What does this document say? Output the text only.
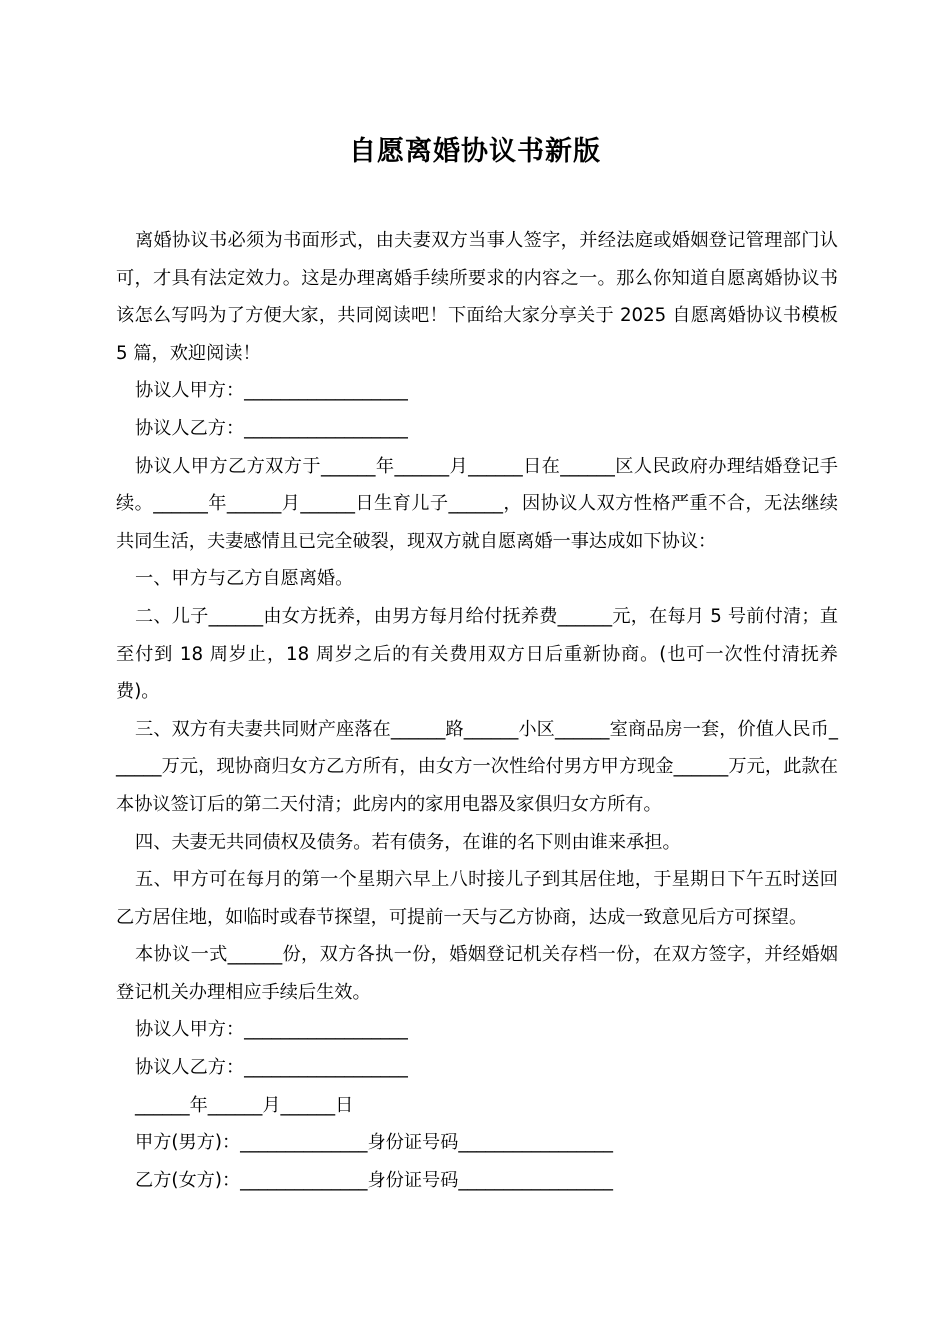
自愿离婚协议书新版

离婚协议书必须为书面形式，由夫妻双方当事人签字，并经法庭或婚姻登记管理部门认可，才具有法定效力。这是办理离婚手续所要求的内容之一。那么你知道自愿离婚协议书该怎么写吗为了方便大家，共同阅读吧！下面给大家分享关于 2025 自愿离婚协议书模板 5 篇，欢迎阅读！

协议人甲方：__________________

协议人乙方：__________________

协议人甲方乙方双方于______年______月______日在______区人民政府办理结婚登记手续。______年______月______日生育儿子______，因协议人双方性格严重不合，无法继续共同生活，夫妻感情且已完全破裂，现双方就自愿离婚一事达成如下协议：

一、甲方与乙方自愿离婚。

二、儿子______由女方抚养，由男方每月给付抚养费______元，在每月 5 号前付清；直至付到 18 周岁止，18 周岁之后的有关费用双方日后重新协商。(也可一次性付清抚养费)。

三、双方有夫妻共同财产座落在______路______小区______室商品房一套，价值人民币______万元，现协商归女方乙方所有，由女方一次性给付男方甲方现金______万元，此款在本协议签订后的第二天付清；此房内的家用电器及家俱归女方所有。

四、夫妻无共同债权及债务。若有债务，在谁的名下则由谁来承担。

五、甲方可在每月的第一个星期六早上八时接儿子到其居住地，于星期日下午五时送回乙方居住地，如临时或春节探望，可提前一天与乙方协商，达成一致意见后方可探望。

本协议一式______份，双方各执一份，婚姻登记机关存档一份，在双方签字，并经婚姻登记机关办理相应手续后生效。

协议人甲方：__________________

协议人乙方：__________________

______年______月______日

甲方(男方)：______________身份证号码_________________

乙方(女方)：______________身份证号码_________________
